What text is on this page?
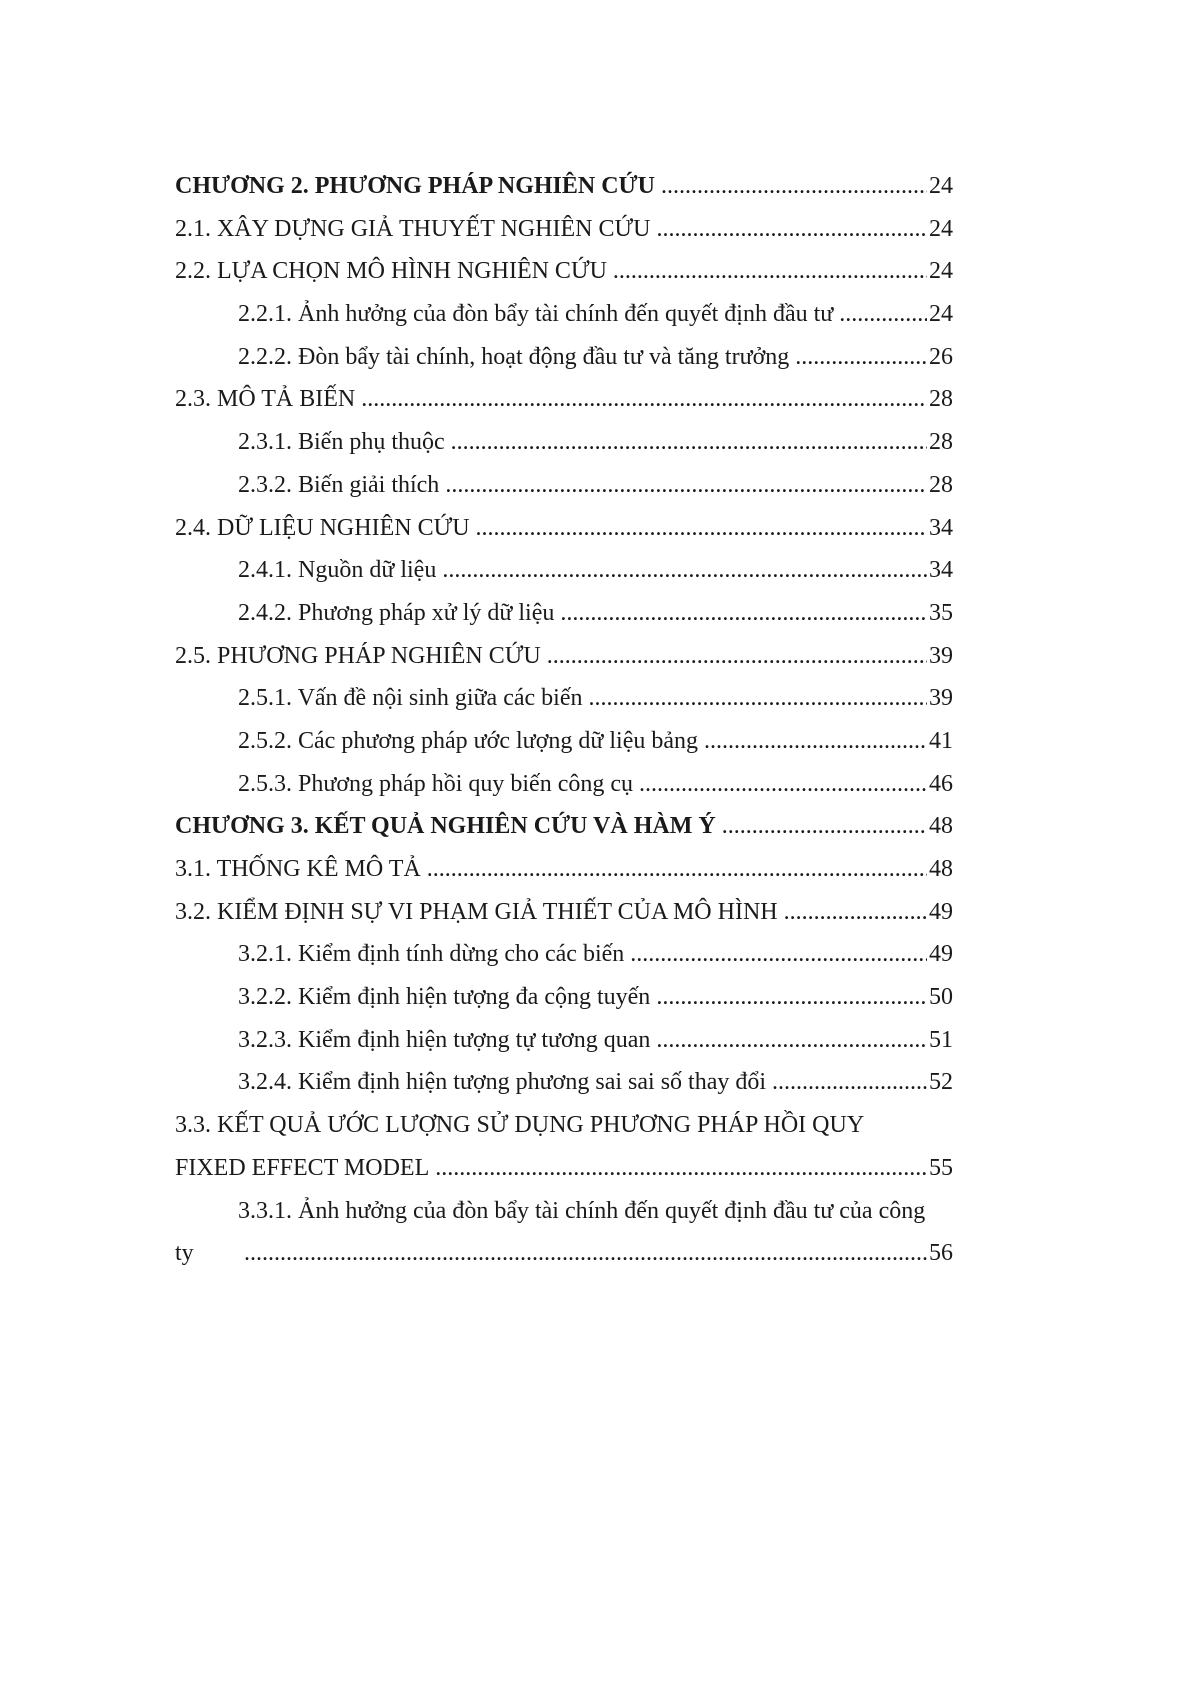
CHƯƠNG 2. PHƯƠNG PHÁP NGHIÊN CỨU .....	24
2.1. XÂY DỰNG GIẢ THUYẾT NGHIÊN CỨU .....	24
2.2. LỰA CHỌN MÔ HÌNH NGHIÊN CỨU .....	24
2.2.1. Ảnh hưởng của đòn bẩy tài chính đến quyết định đầu tư .....	24
2.2.2. Đòn bẩy tài chính, hoạt động đầu tư và tăng trưởng .....	26
2.3. MÔ TẢ BIẾN .....	28
2.3.1. Biến phụ thuộc .....	28
2.3.2. Biến giải thích .....	28
2.4. DỮ LIỆU NGHIÊN CỨU .....	34
2.4.1. Nguồn dữ liệu .....	34
2.4.2. Phương pháp xử lý dữ liệu .....	35
2.5. PHƯƠNG PHÁP NGHIÊN CỨU .....	39
2.5.1. Vấn đề nội sinh giữa các biến .....	39
2.5.2. Các phương pháp ước lượng dữ liệu bảng .....	41
2.5.3. Phương pháp hồi quy biến công cụ .....	46
CHƯƠNG 3. KẾT QUẢ NGHIÊN CỨU VÀ HÀM Ý .....	48
3.1. THỐNG KÊ MÔ TẢ .....	48
3.2. KIỂM ĐỊNH SỰ VI PHẠM GIẢ THIẾT CỦA MÔ HÌNH .....	49
3.2.1. Kiểm định tính dừng cho các biến .....	49
3.2.2. Kiểm định hiện tượng đa cộng tuyến .....	50
3.2.3. Kiểm định hiện tượng tự tương quan .....	51
3.2.4. Kiểm định hiện tượng phương sai sai số thay đổi .....	52
3.3. KẾT QUẢ ƯỚC LƯỢNG SỬ DỤNG PHƯƠNG PHÁP HỒI QUY
FIXED EFFECT MODEL .....	55
3.3.1. Ảnh hưởng của đòn bẩy tài chính đến quyết định đầu tư của công
ty .....	56
